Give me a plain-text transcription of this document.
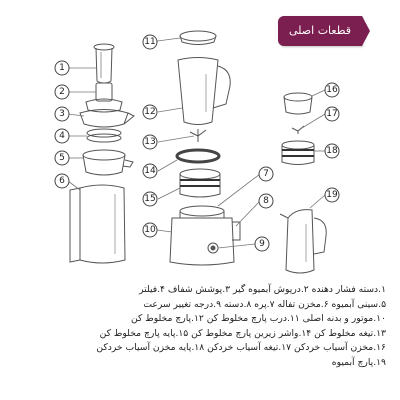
1
2
3
4
5
6
7
8
9
10
11
12
13
14
15
16
17
18
19
قطعات اصلی
۱.دسته فشار دهنده ۲.درپوش آبمیوه گیر ۳.پوشش شفاف ۴.فیلتر
۵.سینی آبمیوه ۶.مخزن تفاله ۷.پره ۸.دسته ۹.درجه تغییر سرعت
۱۰.موتور و بدنه اصلی ۱۱.درب پارچ مخلوط کن ۱۲.پارچ مخلوط کن
۱۳.تیغه مخلوط کن ۱۴.واشر زیرین پارچ مخلوط کن ۱۵.پایه پارچ مخلوط کن
۱۶.مخزن آسیاب خردکن ۱۷.تیغه آسیاب خردکن ۱۸.پایه مخزن آسیاب خردکن
۱۹.پارچ آبمیوه
